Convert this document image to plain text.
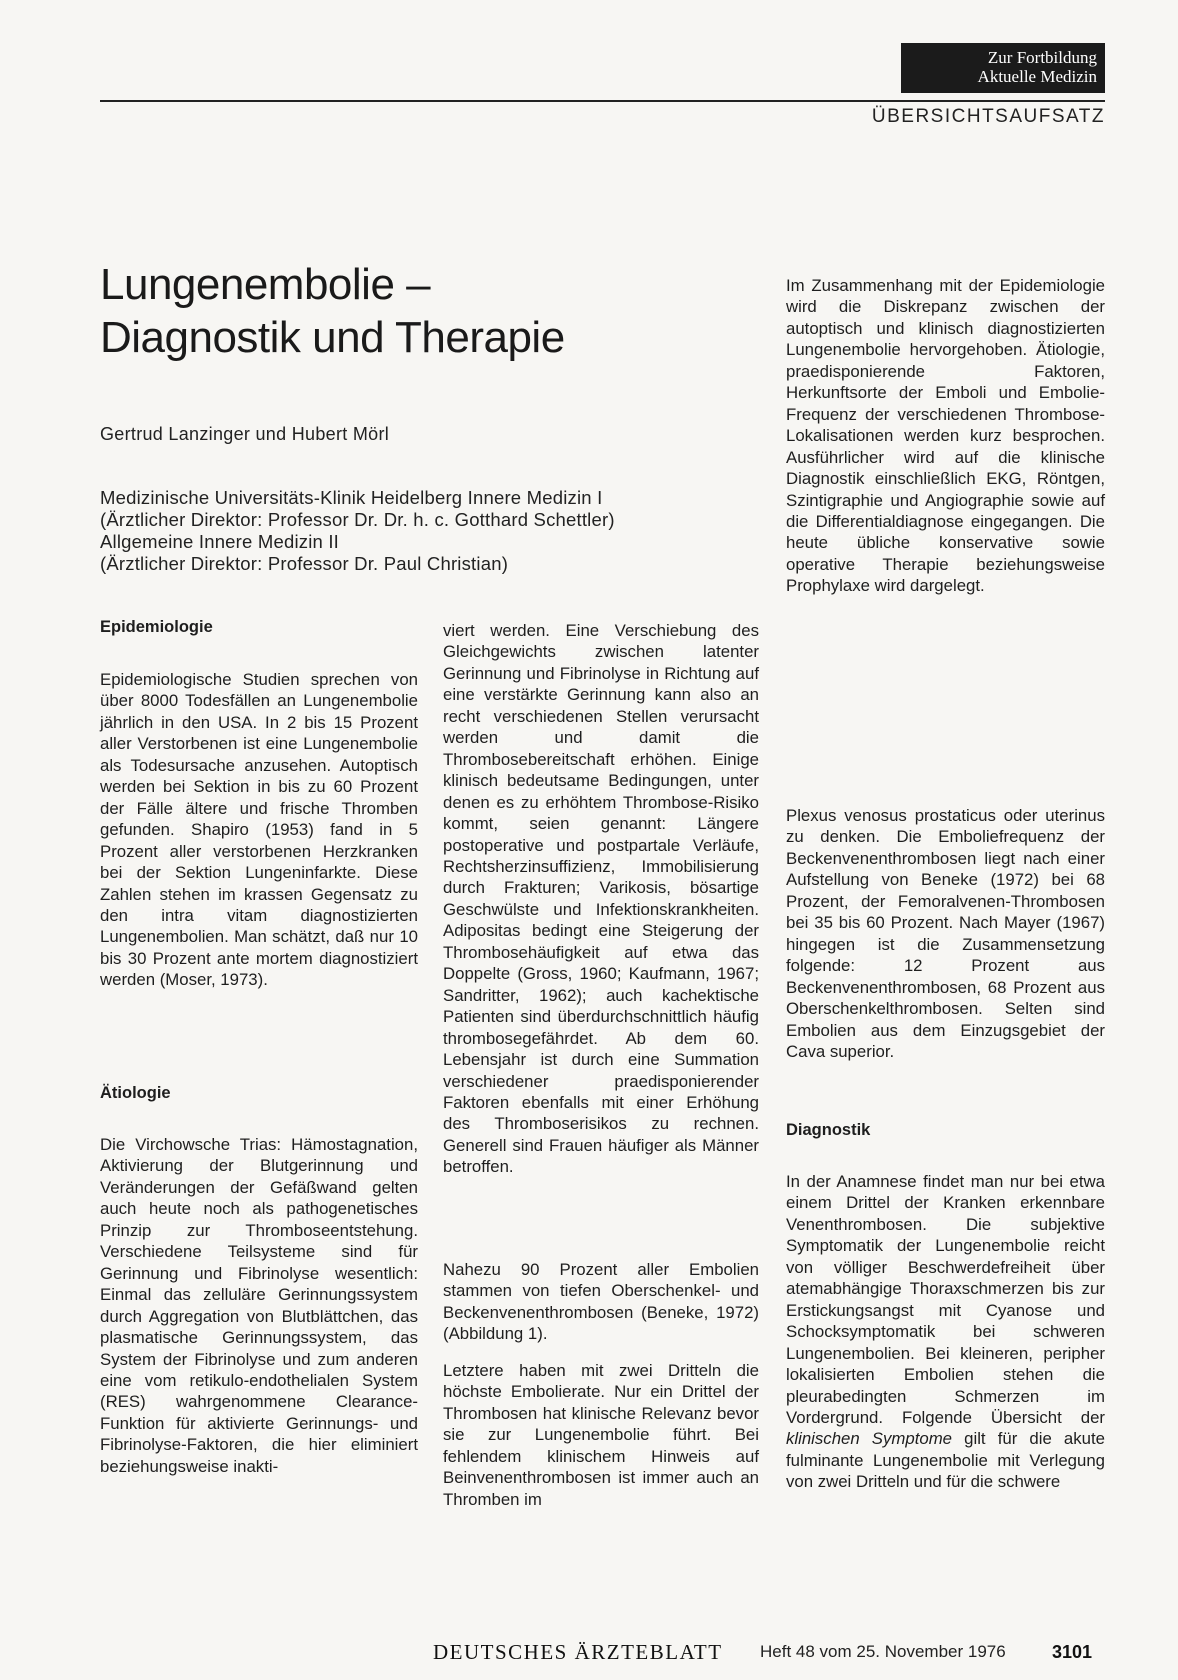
Zur Fortbildung
Aktuelle Medizin
ÜBERSICHTSAUFSATZ
Lungenembolie –
Diagnostik und Therapie
Gertrud Lanzinger und Hubert Mörl
Medizinische Universitäts-Klinik Heidelberg Innere Medizin I
(Ärztlicher Direktor: Professor Dr. Dr. h. c. Gotthard Schettler)
Allgemeine Innere Medizin II
(Ärztlicher Direktor: Professor Dr. Paul Christian)
Epidemiologie

Epidemiologische Studien sprechen von über 8000 Todesfällen an Lungenembolie jährlich in den USA. In 2 bis 15 Prozent aller Verstorbenen ist eine Lungenembolie als Todesursache anzusehen. Autoptisch werden bei Sektion in bis zu 60 Prozent der Fälle ältere und frische Thromben gefunden. Shapiro (1953) fand in 5 Prozent aller verstorbenen Herzkranken bei der Sektion Lungeninfarkte. Diese Zahlen stehen im krassen Gegensatz zu den intra vitam diagnostizierten Lungenembolien. Man schätzt, daß nur 10 bis 30 Prozent ante mortem diagnostiziert werden (Moser, 1973).

Ätiologie

Die Virchowsche Trias: Hämostagnation, Aktivierung der Blutgerinnung und Veränderungen der Gefäßwand gelten auch heute noch als pathogenetisches Prinzip zur Thromboseentstehung. Verschiedene Teilsysteme sind für Gerinnung und Fibrinolyse wesentlich: Einmal das zelluläre Gerinnungssystem durch Aggregation von Blutblättchen, das plasmatische Gerinnungssystem, das System der Fibrinolyse und zum anderen eine vom retikulo-endothelialen System (RES) wahrgenommene Clearance-Funktion für aktivierte Gerinnungs- und Fibrinolyse-Faktoren, die hier eliminiert beziehungsweise inakti-

viert werden. Eine Verschiebung des Gleichgewichts zwischen latenter Gerinnung und Fibrinolyse in Richtung auf eine verstärkte Gerinnung kann also an recht verschiedenen Stellen verursacht werden und damit die Thrombosebereitschaft erhöhen. Einige klinisch bedeutsame Bedingungen, unter denen es zu erhöhtem Thrombose-Risiko kommt, seien genannt: Längere postoperative und postpartale Verläufe, Rechtsherzinsuffizienz, Immobilisierung durch Frakturen; Varikosis, bösartige Geschwülste und Infektionskrankheiten. Adipositas bedingt eine Steigerung der Thrombosehäufigkeit auf etwa das Doppelte (Gross, 1960; Kaufmann, 1967; Sandritter, 1962); auch kachektische Patienten sind überdurchschnittlich häufig thrombosegefährdet. Ab dem 60. Lebensjahr ist durch eine Summation verschiedener praedisponierender Faktoren ebenfalls mit einer Erhöhung des Thromboserisikos zu rechnen. Generell sind Frauen häufiger als Männer betroffen.

Nahezu 90 Prozent aller Embolien stammen von tiefen Oberschenkel- und Beckenvenenthrombosen (Beneke, 1972) (Abbildung 1).

Letztere haben mit zwei Dritteln die höchste Embolierate. Nur ein Drittel der Thrombosen hat klinische Relevanz bevor sie zur Lungenembolie führt. Bei fehlendem klinischem Hinweis auf Beinvenenthrombosen ist immer auch an Thromben im

Im Zusammenhang mit der Epidemiologie wird die Diskrepanz zwischen der autoptisch und klinisch diagnostizierten Lungenembolie hervorgehoben. Ätiologie, praedisponierende Faktoren, Herkunftsorte der Emboli und Embolie-Frequenz der verschiedenen Thrombose-Lokalisationen werden kurz besprochen. Ausführlicher wird auf die klinische Diagnostik einschließlich EKG, Röntgen, Szintigraphie und Angiographie sowie auf die Differentialdiagnose eingegangen. Die heute übliche konservative sowie operative Therapie beziehungsweise Prophylaxe wird dargelegt.

Plexus venosus prostaticus oder uterinus zu denken. Die Emboliefrequenz der Beckenvenenthrombosen liegt nach einer Aufstellung von Beneke (1972) bei 68 Prozent, der Femoralvenen-Thrombosen bei 35 bis 60 Prozent. Nach Mayer (1967) hingegen ist die Zusammensetzung folgende: 12 Prozent aus Beckenvenenthrombosen, 68 Prozent aus Oberschenkelthrombosen. Selten sind Embolien aus dem Einzugsgebiet der Cava superior.

Diagnostik

In der Anamnese findet man nur bei etwa einem Drittel der Kranken erkennbare Venenthrombosen. Die subjektive Symptomatik der Lungenembolie reicht von völliger Beschwerdefreiheit über atemabhängige Thoraxschmerzen bis zur Erstickungsangst mit Cyanose und Schocksymptomatik bei schweren Lungenembolien. Bei kleineren, peripher lokalisierten Embolien stehen die pleurabedingten Schmerzen im Vordergrund. Folgende Übersicht der klinischen Symptome gilt für die akute fulminante Lungenembolie mit Verlegung von zwei Dritteln und für die schwere

DEUTSCHES ÄRZTEBLATT Heft 48 vom 25. November 1976	3101
